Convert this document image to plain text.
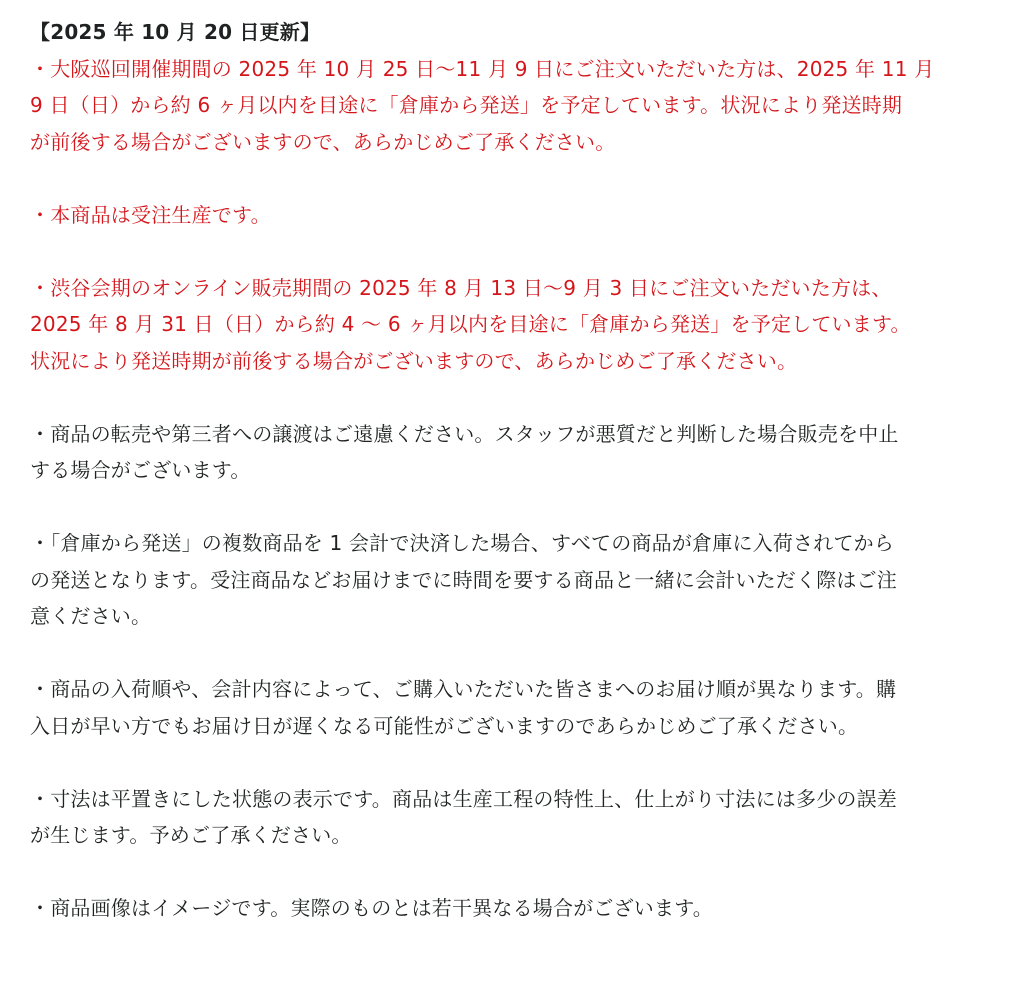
【2025 年 10 月 20 日更新】
・大阪巡回開催期間の 2025 年 10 月 25 日〜11 月 9 日にご注文いただいた方は、2025 年 11 月
9 日（日）から約 6 ヶ月以内を目途に「倉庫から発送」を予定しています。状況により発送時期
が前後する場合がございますので、あらかじめご了承ください。
・本商品は受注生産です。
・渋谷会期のオンライン販売期間の 2025 年 8 月 13 日〜9 月 3 日にご注文いただいた方は、
2025 年 8 月 31 日（日）から約 4 〜 6 ヶ月以内を目途に「倉庫から発送」を予定しています。
状況により発送時期が前後する場合がございますので、あらかじめご了承ください。
・商品の転売や第三者への譲渡はご遠慮ください。スタッフが悪質だと判断した場合販売を中止
する場合がございます。
・「倉庫から発送」の複数商品を 1 会計で決済した場合、すべての商品が倉庫に入荷されてから
の発送となります。受注商品などお届けまでに時間を要する商品と一緒に会計いただく際はご注
意ください。
・商品の入荷順や、会計内容によって、ご購入いただいた皆さまへのお届け順が異なります。購
入日が早い方でもお届け日が遅くなる可能性がございますのであらかじめご了承ください。
・寸法は平置きにした状態の表示です。商品は生産工程の特性上、仕上がり寸法には多少の誤差
が生じます。予めご了承ください。
・商品画像はイメージです。実際のものとは若干異なる場合がございます。
